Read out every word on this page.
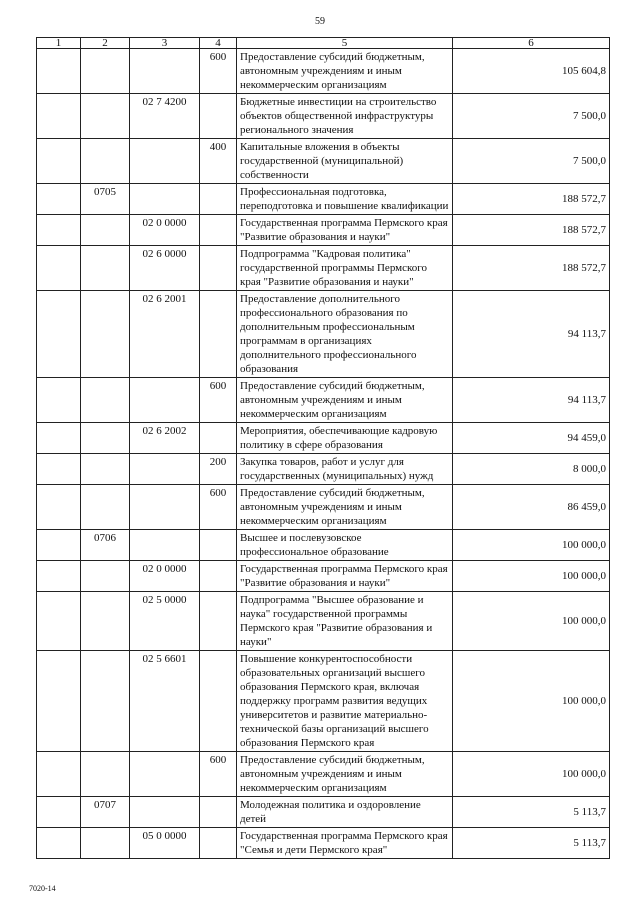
59
1	2	3	4	5	6
			600	Предоставление субсидий бюджетным, автономным учреждениям и иным некоммерческим организациям	105 604,8
		02 7 4200		Бюджетные инвестиции на строительство объектов общественной инфраструктуры регионального значения	7 500,0
			400	Капитальные вложения в объекты государственной (муниципальной) собственности	7 500,0
	0705			Профессиональная подготовка, переподготовка и повышение квалификации	188 572,7
		02 0 0000		Государственная программа Пермского края "Развитие образования и науки"	188 572,7
		02 6 0000		Подпрограмма "Кадровая политика" государственной программы Пермского края "Развитие образования и науки"	188 572,7
		02 6 2001		Предоставление дополнительного профессионального образования по дополнительным профессиональным программам в организациях дополнительного профессионального образования	94 113,7
			600	Предоставление субсидий бюджетным, автономным учреждениям и иным некоммерческим организациям	94 113,7
		02 6 2002		Мероприятия, обеспечивающие кадровую политику в сфере образования	94 459,0
			200	Закупка товаров, работ и услуг для государственных (муниципальных) нужд	8 000,0
			600	Предоставление субсидий бюджетным, автономным учреждениям и иным некоммерческим организациям	86 459,0
	0706			Высшее и послевузовское профессиональное образование	100 000,0
		02 0 0000		Государственная программа Пермского края "Развитие образования и науки"	100 000,0
		02 5 0000		Подпрограмма "Высшее образование и наука" государственной программы Пермского края "Развитие образования и науки"	100 000,0
		02 5 6601		Повышение конкурентоспособности образовательных организаций высшего образования Пермского края, включая поддержку программ развития ведущих университетов и развитие материально-технической базы организаций высшего образования Пермского края	100 000,0
			600	Предоставление субсидий бюджетным, автономным учреждениям и иным некоммерческим организациям	100 000,0
	0707			Молодежная политика и оздоровление детей	5 113,7
		05 0 0000		Государственная программа Пермского края "Семья и дети Пермского края"	5 113,7
7020-14
